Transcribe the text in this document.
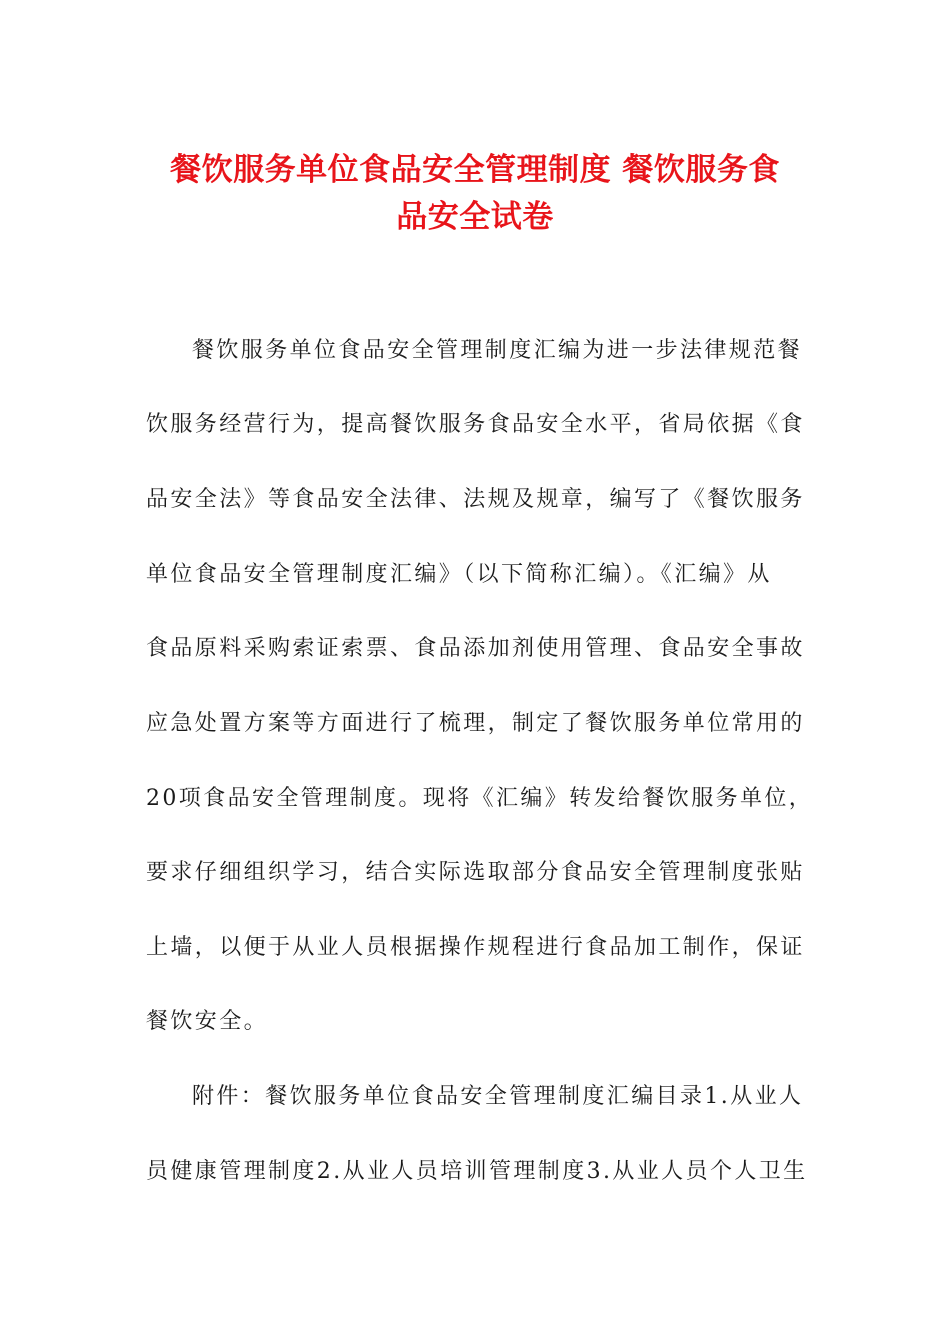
餐饮服务单位食品安全管理制度 餐饮服务食
品安全试卷
餐饮服务单位食品安全管理制度汇编为进一步法律规范餐
饮服务经营行为，提高餐饮服务食品安全水平，省局依据《食
品安全法》等食品安全法律、法规及规章，编写了《餐饮服务
单位食品安全管理制度汇编》（以下简称汇编）。《汇编》从
食品原料采购索证索票、食品添加剂使用管理、食品安全事故
应急处置方案等方面进行了梳理，制定了餐饮服务单位常用的
20项食品安全管理制度。现将《汇编》转发给餐饮服务单位，
要求仔细组织学习，结合实际选取部分食品安全管理制度张贴
上墙，以便于从业人员根据操作规程进行食品加工制作，保证
餐饮安全。
附件：餐饮服务单位食品安全管理制度汇编目录1.从业人
员健康管理制度2.从业人员培训管理制度3.从业人员个人卫生
